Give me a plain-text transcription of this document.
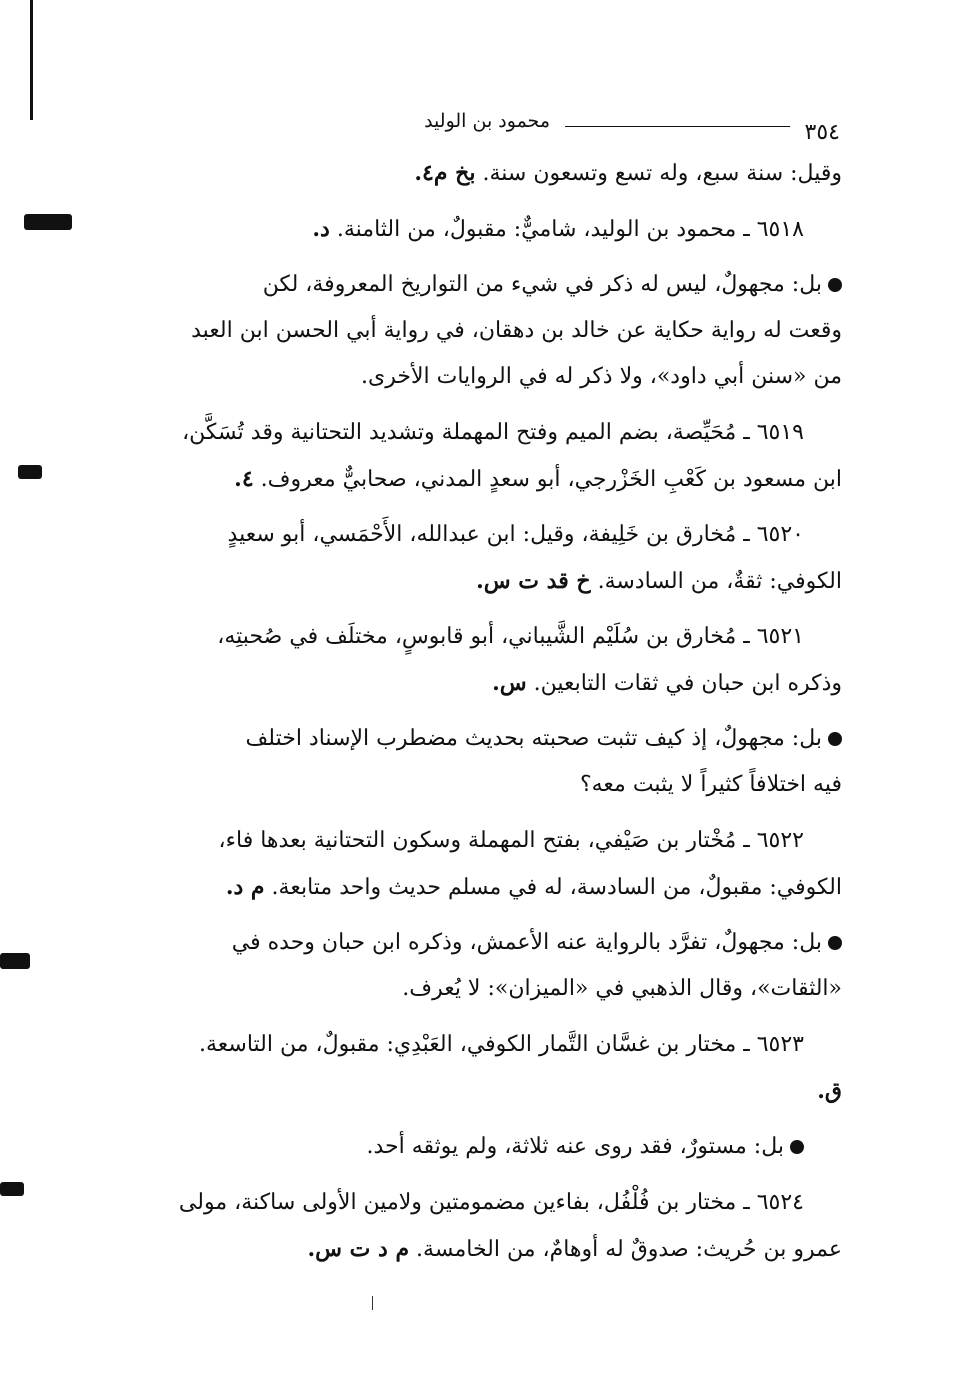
٣٥٤
محمود بن الوليد
وقيل: سنة سبع، وله تسع وتسعون سنة. بخ م٤.
٦٥١٨ ـ محمود بن الوليد، شاميٌّ: مقبولٌ، من الثامنة. د.
بل: مجهولٌ، ليس له ذكر في شيء من التواريخ المعروفة، لكن
وقعت له رواية حكاية عن خالد بن دهقان، في رواية أبي الحسن ابن العبد
من «سنن أبي داود»، ولا ذكر له في الروايات الأخرى.
٦٥١٩ ـ مُحَيِّصة، بضم الميم وفتح المهملة وتشديد التحتانية وقد تُسَكَّن،
ابن مسعود بن كَعْبِ الخَزْرجي، أبو سعدٍ المدني، صحابيٌّ معروف. ٤.
٦٥٢٠ ـ مُخارق بن خَلِيفة، وقيل: ابن عبدالله، الأَحْمَسي، أبو سعيدٍ
الكوفي: ثقةٌ، من السادسة. خ قد ت س.
٦٥٢١ ـ مُخارق بن سُلَيْم الشَّيباني، أبو قابوسٍ، مختلَف في صُحبتِه،
وذكره ابن حبان في ثقات التابعين. س.
بل: مجهولٌ، إذ كيف تثبت صحبته بحديث مضطرب الإسناد اختلف
فيه اختلافاً كثيراً لا يثبت معه؟
٦٥٢٢ ـ مُخْتار بن صَيْفي، بفتح المهملة وسكون التحتانية بعدها فاء،
الكوفي: مقبولٌ، من السادسة، له في مسلم حديث واحد متابعة. م د.
بل: مجهولٌ، تفرَّد بالرواية عنه الأعمش، وذكره ابن حبان وحده في
«الثقات»، وقال الذهبي في «الميزان»: لا يُعرف.
٦٥٢٣ ـ مختار بن غسَّان التَّمار الكوفي، العَبْدِي: مقبولٌ، من التاسعة.
ق.
بل: مستورٌ، فقد روى عنه ثلاثة، ولم يوثقه أحد.
٦٥٢٤ ـ مختار بن فُلْفُل، بفاءين مضمومتين ولامين الأولى ساكنة، مولى
عمرو بن حُريث: صدوقٌ له أوهامٌ، من الخامسة. م د ت س.
